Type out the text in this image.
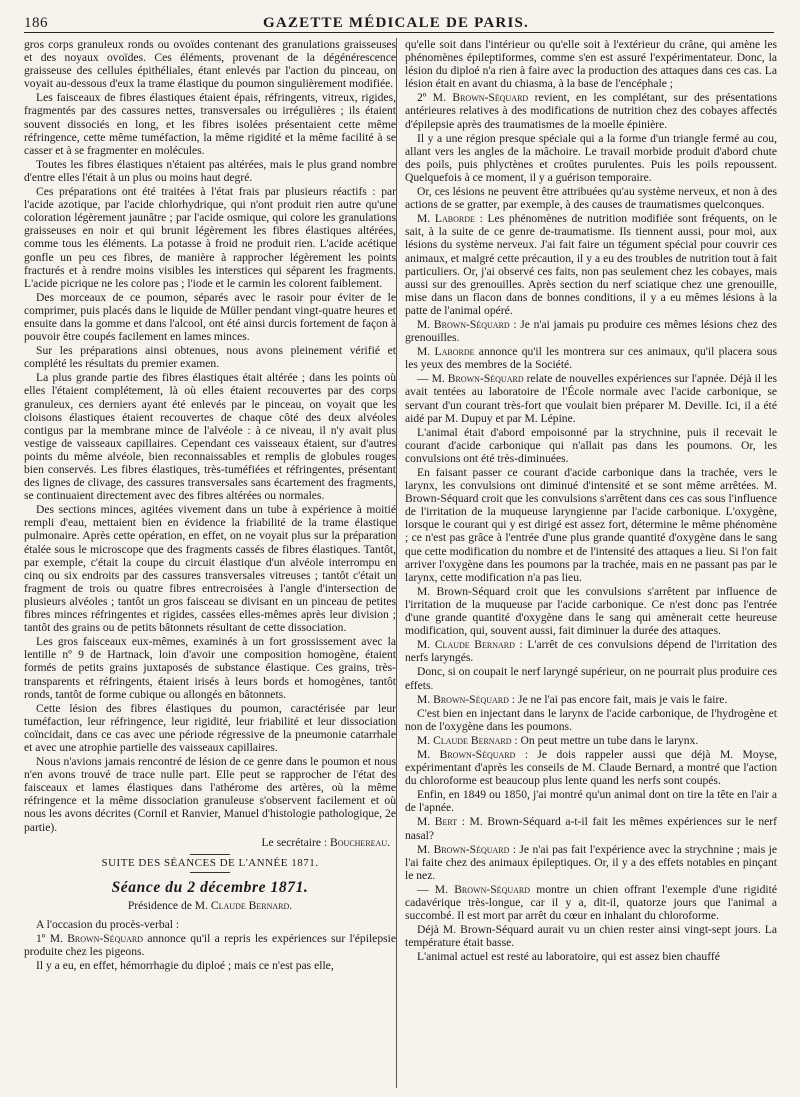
186	GAZETTE MÉDICALE DE PARIS.

gros corps granuleux ronds ou ovoïdes contenant des granulations graisseuses et des noyaux ovoïdes. Ces éléments, provenant de la dégénérescence graisseuse des cellules épithéliales, étant enlevés par l'action du pinceau, on voyait au-dessous d'eux la trame élastique du poumon singulièrement modifiée.

Les faisceaux de fibres élastiques étaient épais, réfringents, vitreux, rigides, fragmentés par des cassures nettes, transversales ou irrégulières ; ils étaient souvent dissociés en long, et les fibres isolées présentaient cette même réfringence, cette même tuméfaction, la même rigidité et la même facilité à se casser et à se fragmenter en molécules.

Toutes les fibres élastiques n'étaient pas altérées, mais le plus grand nombre d'entre elles l'était à un plus ou moins haut degré.

Ces préparations ont été traitées à l'état frais par plusieurs réactifs : par l'acide azotique, par l'acide chlorhydrique, qui n'ont produit rien autre qu'une coloration légèrement jaunâtre ; par l'acide osmique, qui colore les granulations graisseuses en noir et qui brunit légèrement les fibres élastiques altérées, comme tous les éléments. La potasse à froid ne produit rien. L'acide acétique gonfle un peu ces fibres, de manière à rapprocher légèrement les points fracturés et à rendre moins visibles les interstices qui séparent les fragments. L'acide picrique ne les colore pas ; l'iode et le carmin les colorent faiblement.

Des morceaux de ce poumon, séparés avec le rasoir pour éviter de le comprimer, puis placés dans le liquide de Müller pendant vingt-quatre heures et ensuite dans la gomme et dans l'alcool, ont été ainsi durcis fortement de façon à pouvoir être coupés facilement en lames minces.

Sur les préparations ainsi obtenues, nous avons pleinement vérifié et complété les résultats du premier examen.

La plus grande partie des fibres élastiques était altérée ; dans les points où elles l'étaient complétement, là où elles étaient recouvertes par des corps granuleux, ces derniers ayant été enlevés par le pinceau, on voyait que les cloisons élastiques étaient recouvertes de chaque côté des deux alvéoles contigus par la membrane mince de l'alvéole : à ce niveau, il n'y avait plus vestige de vaisseaux capillaires. Cependant ces vaisseaux étaient, sur d'autres points du même alvéole, bien reconnaissables et remplis de globules rouges bien conservés. Les fibres élastiques, très-tuméfiées et réfringentes, présentant des lignes de clivage, des cassures transversales sans écartement des fragments, se continuaient directement avec des fibres altérées ou normales.

Des sections minces, agitées vivement dans un tube à expérience à moitié rempli d'eau, mettaient bien en évidence la friabilité de la trame élastique pulmonaire. Après cette opération, en effet, on ne voyait plus sur la préparation étalée sous le microscope que des fragments cassés de fibres élastiques. Tantôt, par exemple, c'était la coupe du circuit élastique d'un alvéole interrompu en cinq ou six endroits par des cassures transversales vitreuses ; tantôt c'était un fragment de trois ou quatre fibres entrecroisées à l'angle d'intersection de plusieurs alvéoles ; tantôt un gros faisceau se divisant en un pinceau de petites fibres minces réfringentes et rigides, cassées elles-mêmes après leur division ; tantôt des grains ou de petits bâtonnets résultant de cette dissociation.

Les gros faisceaux eux-mêmes, examinés à un fort grossissement avec la lentille nº 9 de Hartnack, loin d'avoir une composition homogène, étaient formés de petits grains juxtaposés de substance élastique. Ces grains, très-transparents et réfringents, étaient irisés à leurs bords et homogènes, tantôt ronds, tantôt de forme cubique ou allongés en bâtonnets.

Cette lésion des fibres élastiques du poumon, caractérisée par leur tuméfaction, leur réfringence, leur rigidité, leur friabilité et leur dissociation coïncidait, dans ce cas avec une période régressive de la pneumonie catarrhale et avec une atrophie partielle des vaisseaux capillaires.

Nous n'avions jamais rencontré de lésion de ce genre dans le poumon et nous n'en avons trouvé de trace nulle part. Elle peut se rapprocher de l'état des faisceaux et lames élastiques dans l'athérome des artères, où la même réfringence et la même dissociation granuleuse s'observent facilement et où nous les avons décrites (Cornil et Ranvier, Manuel d'histologie pathologique, 2e partie).

Le secrétaire : Bouchereau.

SUITE DES SÉANCES DE L'ANNÉE 1871.

Séance du 2 décembre 1871.

Présidence de M. Claude Bernard.

A l'occasion du procès-verbal :

1º M. Brown-Séquard annonce qu'il a repris les expériences sur l'épilepsie produite chez les pigeons.

Il y a eu, en effet, hémorrhagie du diploé ; mais ce n'est pas elle,

qu'elle soit dans l'intérieur ou qu'elle soit à l'extérieur du crâne, qui amène les phénomènes épileptiformes, comme s'en est assuré l'expérimentateur. Donc, la lésion du diploé n'a rien à faire avec la production des attaques dans ces cas. La lésion était en avant du chiasma, à la base de l'encéphale ;

2º M. Brown-Séquard revient, en les complétant, sur des présentations antérieures relatives à des modifications de nutrition chez des cobayes affectés d'épilepsie après des traumatismes de la moelle épinière.

Il y a une région presque spéciale qui a la forme d'un triangle fermé au cou, allant vers les angles de la mâchoire. Le travail morbide produit d'abord chute des poils, puis phlyctènes et croûtes purulentes. Puis les poils repoussent. Quelquefois à ce moment, il y a guérison temporaire.

Or, ces lésions ne peuvent être attribuées qu'au système nerveux, et non à des actions de se gratter, par exemple, à des causes de traumatismes quelconques.

M. Laborde : Les phénomènes de nutrition modifiée sont fréquents, on le sait, à la suite de ce genre de-traumatisme. Ils tiennent aussi, pour moi, aux lésions du système nerveux. J'ai fait faire un tégument spécial pour couvrir ces animaux, et malgré cette précaution, il y a eu des troubles de nutrition tout à fait particuliers. Or, j'ai observé ces faits, non pas seulement chez les cobayes, mais aussi sur des grenouilles. Après section du nerf sciatique chez une grenouille, mise dans un flacon dans de bonnes conditions, il y a eu mêmes lésions à la patte de l'animal opéré.

M. Brown-Séquard : Je n'ai jamais pu produire ces mêmes lésions chez des grenouilles.

M. Laborde annonce qu'il les montrera sur ces animaux, qu'il placera sous les yeux des membres de la Société.

— M. Brown-Séquard relate de nouvelles expériences sur l'apnée. Déjà il les avait tentées au laboratoire de l'École normale avec l'acide carbonique, se servant d'un courant très-fort que voulait bien préparer M. Deville. Ici, il a été aidé par M. Dupuy et par M. Lépine.

L'animal était d'abord empoisonné par la strychnine, puis il recevait le courant d'acide carbonique qui n'allait pas dans les poumons. Or, les convulsions ont été très-diminuées.

En faisant passer ce courant d'acide carbonique dans la trachée, vers le larynx, les convulsions ont diminué d'intensité et se sont même arrêtées. M. Brown-Séquard croit que les convulsions s'arrêtent dans ces cas sous l'influence de l'irritation de la muqueuse laryngienne par l'acide carbonique. L'oxygène, lorsque le courant qui y est dirigé est assez fort, détermine le même phénomène ; ce n'est pas grâce à l'entrée d'une plus grande quantité d'oxygène dans le sang que cette modification du nombre et de l'intensité des attaques a lieu. Si l'on fait arriver l'oxygène dans les poumons par la trachée, mais en ne passant pas par le larynx, cette modification n'a pas lieu.

M. Brown-Séquard croit que les convulsions s'arrêtent par influence de l'irritation de la muqueuse par l'acide carbonique. Ce n'est donc pas l'entrée d'une grande quantité d'oxygène dans le sang qui amènerait cette heureuse modification, qui, souvent aussi, fait diminuer la durée des attaques.

M. Claude Bernard : L'arrêt de ces convulsions dépend de l'irritation des nerfs laryngés.

Donc, si on coupait le nerf laryngé supérieur, on ne pourrait plus produire ces effets.

M. Brown-Séquard : Je ne l'ai pas encore fait, mais je vais le faire.

C'est bien en injectant dans le larynx de l'acide carbonique, de l'hydrogène et non de l'oxygène dans les poumons.

M. Claude Bernard : On peut mettre un tube dans le larynx.

M. Brown-Séquard : Je dois rappeler aussi que déjà M. Moyse, expérimentant d'après les conseils de M. Claude Bernard, a montré que l'action du chloroforme est beaucoup plus lente quand les nerfs sont coupés.

Enfin, en 1849 ou 1850, j'ai montré qu'un animal dont on tire la tête en l'air a de l'apnée.

M. Bert : M. Brown-Séquard a-t-il fait les mêmes expériences sur le nerf nasal?

M. Brown-Séquard : Je n'ai pas fait l'expérience avec la strychnine ; mais je l'ai faite chez des animaux épileptiques. Or, il y a des effets notables en pinçant le nez.

— M. Brown-Séquard montre un chien offrant l'exemple d'une rigidité cadavérique très-longue, car il y a, dit-il, quatorze jours que l'animal a succombé. Il est mort par arrêt du cœur en inhalant du chloroforme.

Déjà M. Brown-Séquard aurait vu un chien rester ainsi vingt-sept jours. La température était basse.

L'animal actuel est resté au laboratoire, qui est assez bien chauffé
